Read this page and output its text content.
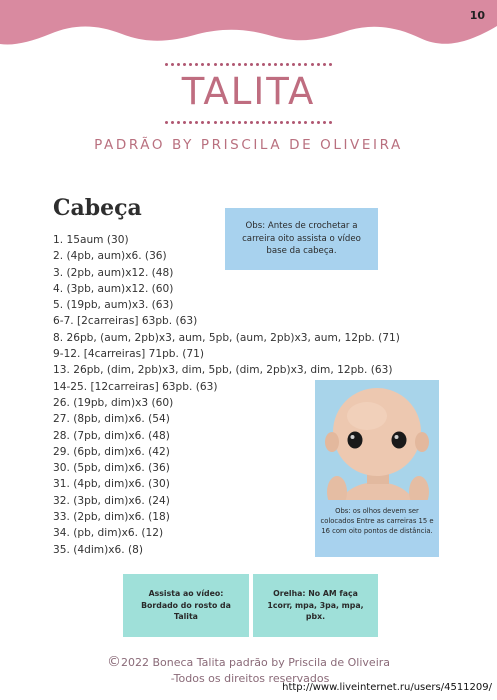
10
TALITA
PADRÃO BY PRISCILA DE OLIVEIRA
Cabeça
1. 15aum (30)
2. (4pb, aum)x6. (36)
3. (2pb, aum)x12. (48)
4. (3pb, aum)x12. (60)
5. (19pb, aum)x3. (63)
6-7. [2carreiras] 63pb. (63)
8. 26pb, (aum, 2pb)x3, aum, 5pb, (aum, 2pb)x3, aum, 12pb. (71)
9-12. [4carreiras] 71pb. (71)
13. 26pb, (dim, 2pb)x3, dim, 5pb, (dim, 2pb)x3, dim, 12pb. (63)
14-25. [12carreiras] 63pb. (63)
26. (19pb, dim)x3 (60)
27. (8pb, dim)x6. (54)
28. (7pb, dim)x6. (48)
29. (6pb, dim)x6. (42)
30. (5pb, dim)x6. (36)
31. (4pb, dim)x6. (30)
32. (3pb, dim)x6. (24)
33. (2pb, dim)x6. (18)
34. (pb, dim)x6. (12)
35. (4dim)x6. (8)
Obs: Antes de crochetar a carreira oito assista o vídeo base da cabeça.
Obs: os olhos devem ser colocados Entre as carreiras 15 e 16 com oito pontos de distância.
Assista ao vídeo: Bordado do rosto da Talita
Orelha: No AM faça 1corr, mpa, 3pa, mpa, pbx.
©2022 Boneca Talita padrão by Priscila de Oliveira
-Todos os direitos reservados
http://www.liveinternet.ru/users/4511209/
